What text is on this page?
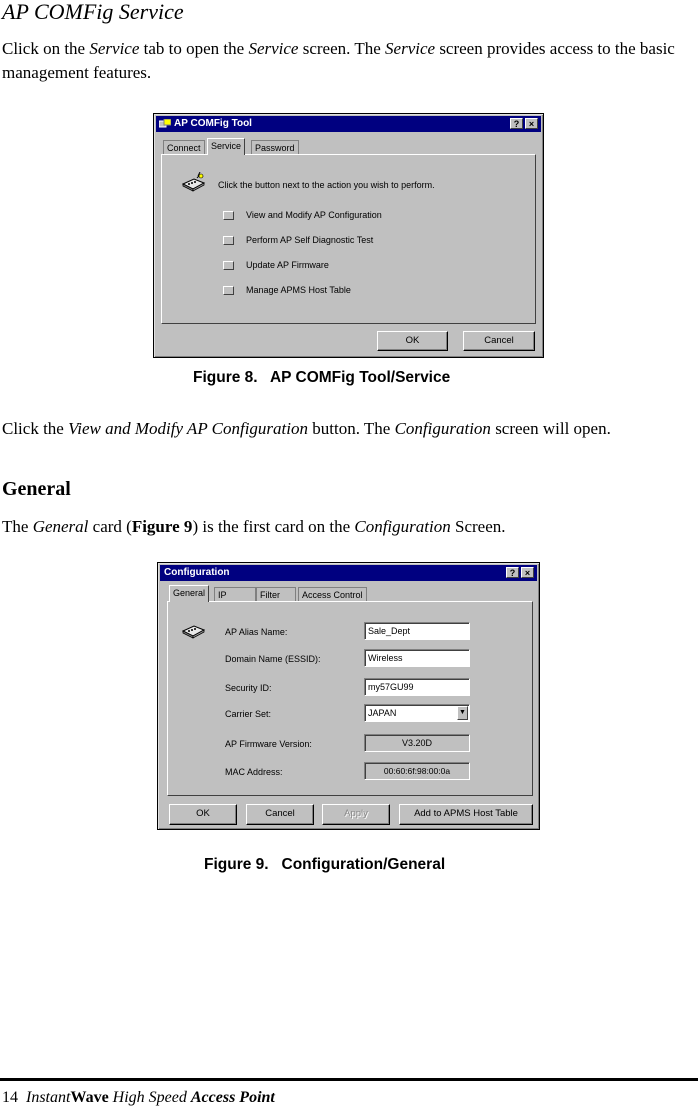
AP COMFig Service
Click on the Service tab to open the Service screen. The Service screen provides access to the basic management features.
AP COMFig Tool	?	×
Connect	Service	Password
Click the button next to the action you wish to perform.
View and Modify AP Configuration
Perform AP Self Diagnostic Test
Update AP Firmware
Manage APMS Host Table
OK	Cancel
Figure 8.   AP COMFig Tool/Service
Click the View and Modify AP Configuration button. The Configuration screen will open.
General
The General card (Figure 9) is the first card on the Configuration Screen.
Configuration	?	×
General	IP	Filter	Access Control
AP Alias Name:	Sale_Dept
Domain Name (ESSID):	Wireless
Security ID:	my57GU99
Carrier Set:	JAPAN	▼
AP Firmware Version:	V3.20D
MAC Address:	00:60:6f:98:00:0a
OK	Cancel	Apply	Add to APMS Host Table
Figure 9.   Configuration/General
14 InstantWave High Speed Access Point
